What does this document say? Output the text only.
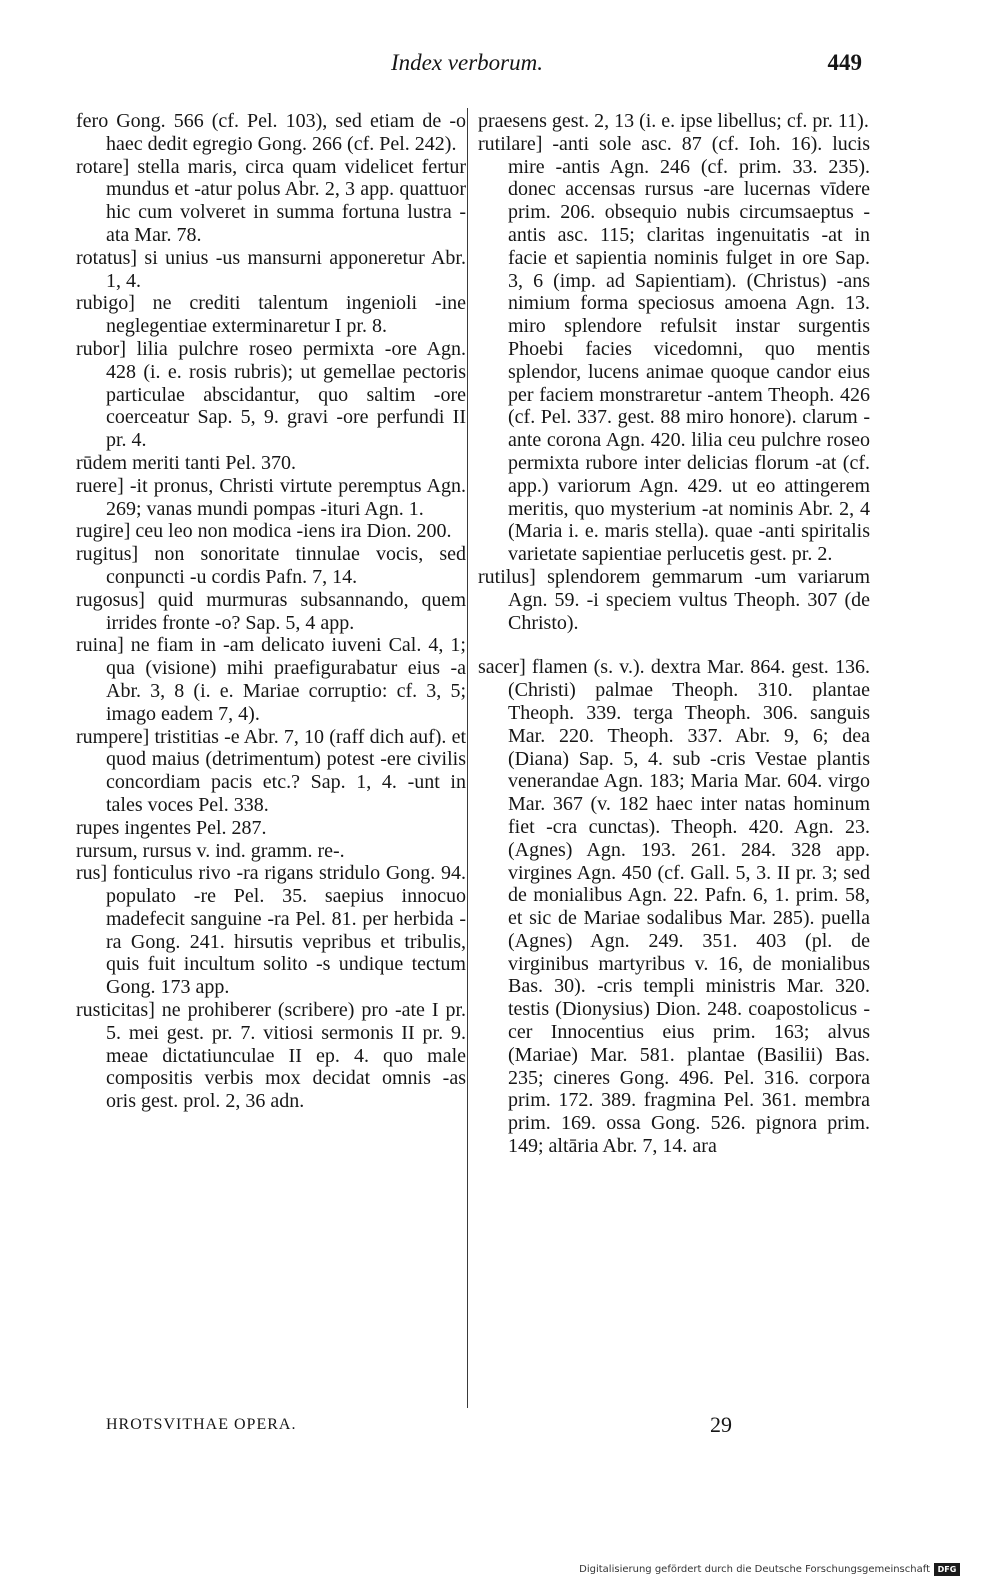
Index verborum.	449

fero Gong. 566 (cf. Pel. 103), sed etiam de -o haec dedit egregio Gong. 266 (cf. Pel. 242).

rotare] stella maris, circa quam videlicet fertur mundus et -atur polus Abr. 2, 3 app. quattuor hic cum volveret in summa fortuna lustra -ata Mar. 78.

rotatus] si unius -us mansurni apponeretur Abr. 1, 4.

rubigo] ne crediti talentum ingenioli -ine neglegentiae exterminaretur I pr. 8.

rubor] lilia pulchre roseo permixta -ore Agn. 428 (i. e. rosis rubris); ut gemellae pectoris particulae abscidantur, quo saltim -ore coerceatur Sap. 5, 9. gravi -ore perfundi II pr. 4.

rūdem meriti tanti Pel. 370.

ruere] -it pronus, Christi virtute peremptus Agn. 269; vanas mundi pompas -ituri Agn. 1.

rugire] ceu leo non modica -iens ira Dion. 200.

rugitus] non sonoritate tinnulae vocis, sed conpuncti -u cordis Pafn. 7, 14.

rugosus] quid murmuras subsannando, quem irrides fronte -o? Sap. 5, 4 app.

ruina] ne fiam in -am delicato iuveni Cal. 4, 1; qua (visione) mihi praefigurabatur eius -a Abr. 3, 8 (i. e. Mariae corruptio: cf. 3, 5; imago eadem 7, 4).

rumpere] tristitias -e Abr. 7, 10 (raff dich auf). et quod maius (detrimentum) potest -ere civilis concordiam pacis etc.? Sap. 1, 4. -unt in tales voces Pel. 338.

rupes ingentes Pel. 287.

rursum, rursus v. ind. gramm. re-.

rus] fonticulus rivo -ra rigans stridulo Gong. 94. populato -re Pel. 35. saepius innocuo madefecit sanguine -ra Pel. 81. per herbida -ra Gong. 241. hirsutis vepribus et tribulis, quis fuit incultum solito -s undique tectum Gong. 173 app.

rusticitas] ne prohiberer (scribere) pro -ate I pr. 5. mei gest. pr. 7. vitiosi sermonis II pr. 9. meae dictatiunculae II ep. 4. quo male compositis verbis mox decidat omnis -as oris gest. prol. 2, 36 adn.

praesens gest. 2, 13 (i. e. ipse libellus; cf. pr. 11).

rutilare] -anti sole asc. 87 (cf. Ioh. 16). lucis mire -antis Agn. 246 (cf. prim. 33. 235). donec accensas rursus -are lucernas vīdere prim. 206. obsequio nubis circumsaeptus -antis asc. 115; claritas ingenuitatis -at in facie et sapientia nominis fulget in ore Sap. 3, 6 (imp. ad Sapientiam). (Christus) -ans nimium forma speciosus amoena Agn. 13. miro splendore refulsit instar surgentis Phoebi facies vicedomni, quo mentis splendor, lucens animae quoque candor eius per faciem monstraretur -antem Theoph. 426 (cf. Pel. 337. gest. 88 miro honore). clarum -ante corona Agn. 420. lilia ceu pulchre roseo permixta rubore inter delicias florum -at (cf. app.) variorum Agn. 429. ut eo attingerem meritis, quo mysterium -at nominis Abr. 2, 4 (Maria i. e. maris stella). quae -anti spiritalis varietate sapientiae perlucetis gest. pr. 2.

rutilus] splendorem gemmarum -um variarum Agn. 59. -i speciem vultus Theoph. 307 (de Christo).

sacer] flamen (s. v.). dextra Mar. 864. gest. 136. (Christi) palmae Theoph. 310. plantae Theoph. 339. terga Theoph. 306. sanguis Mar. 220. Theoph. 337. Abr. 9, 6; dea (Diana) Sap. 5, 4. sub -cris Vestae plantis venerandae Agn. 183; Maria Mar. 604. virgo Mar. 367 (v. 182 haec inter natas hominum fiet -cra cunctas). Theoph. 420. Agn. 23. (Agnes) Agn. 193. 261. 284. 328 app. virgines Agn. 450 (cf. Gall. 5, 3. II pr. 3; sed de monialibus Agn. 22. Pafn. 6, 1. prim. 58, et sic de Mariae sodalibus Mar. 285). puella (Agnes) Agn. 249. 351. 403 (pl. de virginibus martyribus v. 16, de monialibus Bas. 30). -cris templi ministris Mar. 320. testis (Dionysius) Dion. 248. coapostolicus -cer Innocentius eius prim. 163; alvus (Mariae) Mar. 581. plantae (Basilii) Bas. 235; cineres Gong. 496. Pel. 316. corpora prim. 172. 389. fragmina Pel. 361. membra prim. 169. ossa Gong. 526. pignora prim. 149; altāria Abr. 7, 14. ara

HROTSVITHAE OPERA.	29
Digitalisierung gefördert durch die Deutsche Forschungsgemeinschaft DFG
